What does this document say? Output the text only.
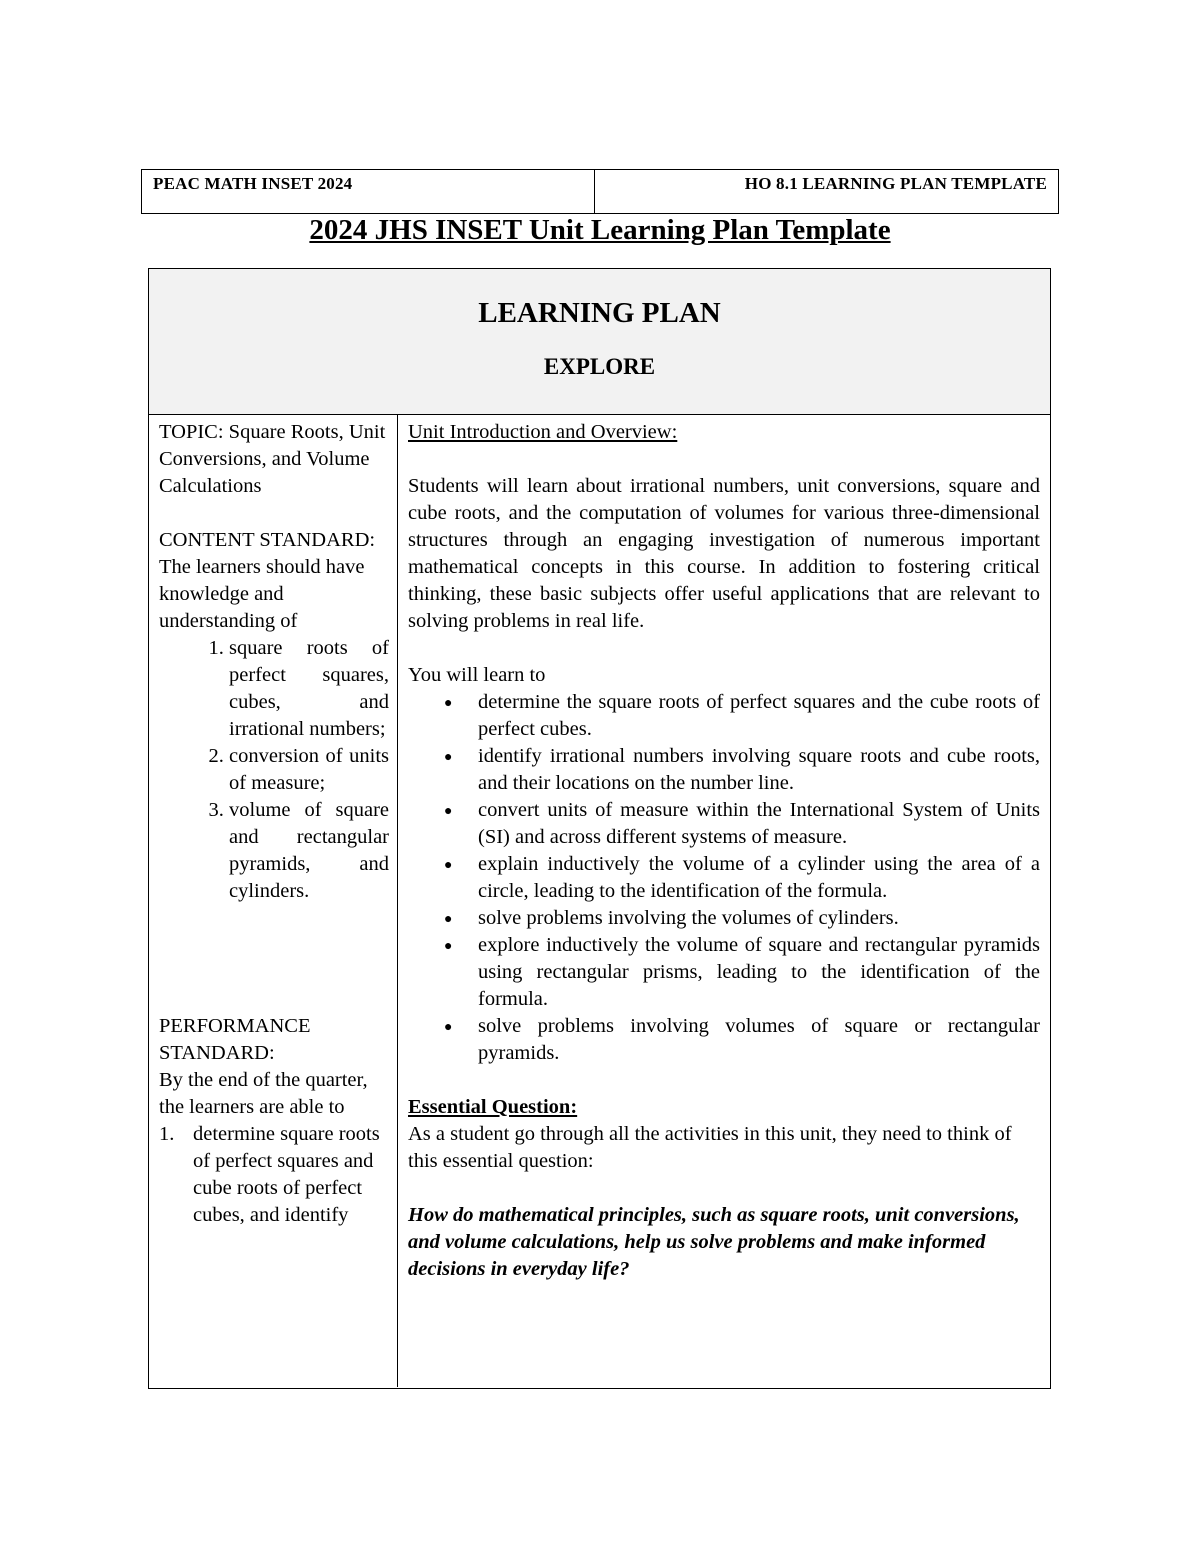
PEAC MATH INSET 2024	HO 8.1 LEARNING PLAN TEMPLATE
2024 JHS INSET Unit Learning Plan Template
LEARNING PLAN
EXPLORE

TOPIC: Square Roots, Unit Conversions, and Volume Calculations

CONTENT STANDARD:

The learners should have knowledge and understanding of

1. square roots of perfect squares, cubes, and irrational numbers;
2. conversion of units of measure;
3. volume of square and rectangular pyramids, and cylinders.

PERFORMANCE STANDARD:

By the end of the quarter, the learners are able to

1. determine square roots of perfect squares and cube roots of perfect cubes, and identify

Unit Introduction and Overview:

Students will learn about irrational numbers, unit conversions, square and cube roots, and the computation of volumes for various three-dimensional structures through an engaging investigation of numerous important mathematical concepts in this course. In addition to fostering critical thinking, these basic subjects offer useful applications that are relevant to solving problems in real life.

You will learn to

● determine the square roots of perfect squares and the cube roots of perfect cubes.
● identify irrational numbers involving square roots and cube roots, and their locations on the number line.
● convert units of measure within the International System of Units (SI) and across different systems of measure.
● explain inductively the volume of a cylinder using the area of a circle, leading to the identification of the formula.
● solve problems involving the volumes of cylinders.
● explore inductively the volume of square and rectangular pyramids using rectangular prisms, leading to the identification of the formula.
● solve problems involving volumes of square or rectangular pyramids.

Essential Question:

As a student go through all the activities in this unit, they need to think of this essential question:

How do mathematical principles, such as square roots, unit conversions, and volume calculations, help us solve problems and make informed decisions in everyday life?
